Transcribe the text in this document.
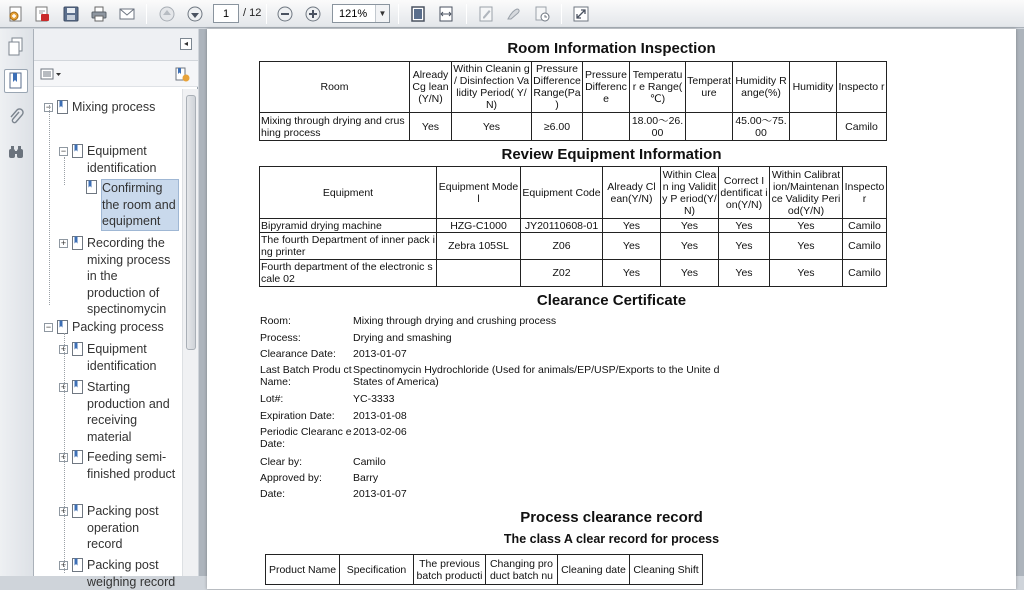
1
/ 12	121%	▼
◂
− Mixing process
− Equipment identification
Confirming the room and equipment
+ Recording the mixing process in the production of spectinomycin
− Packing process
+ Equipment identification
+ Starting production and receiving material
+ Feeding semi-finished product
+ Packing post operation record
+ Packing post weighing record
Room Information Inspection
Room	Already Cg lean(Y/N)	Within Cleanin g / Disinfection Validity Period( Y/N)	Pressure Difference Range(Pa )	Pressure Differenc e	Temperatur e Range( ℃)	Temperat ure	Humidity R ange(%)	Humidity	Inspecto r
Mixing through drying and crus hing process	Yes	Yes	≥6.00		18.00～26. 00		45.00～75. 00		Camilo
Review Equipment Information
Equipment	Equipment Mode l	Equipment Code	Already Cl ean(Y/N)	Within Clean ing Validity P eriod(Y/N)	Correct I dentificat ion(Y/N)	Within Calibrat ion/Maintenan ce Validity Peri od(Y/N)	Inspecto r
Bipyramid drying machine	HZG-C1000	JY20110608-01	Yes	Yes	Yes	Yes	Camilo
The fourth Department of inner pack ing printer	Zebra 105SL	Z06	Yes	Yes	Yes	Yes	Camilo
Fourth department of the electronic scale 02		Z02	Yes	Yes	Yes	Yes	Camilo
Clearance Certificate
Room:	Mixing through drying and crushing process
Process:	Drying and smashing
Clearance Date:	2013-01-07
Last Batch Produ ct Name:
Spectinomycin Hydrochloride (Used for animals/EP/USP/Exports to the Unite d States of America)
Lot#:	YC-3333
Expiration Date:	2013-01-08
Periodic Clearanc e Date:
2013-02-06
Clear by:	Camilo
Approved by:	Barry
Date:	2013-01-07
Process clearance record
The class A clear record for process
Product Name	Specification	The previous batch producti	Changing pro duct batch nu	Cleaning date	Cleaning Shift
